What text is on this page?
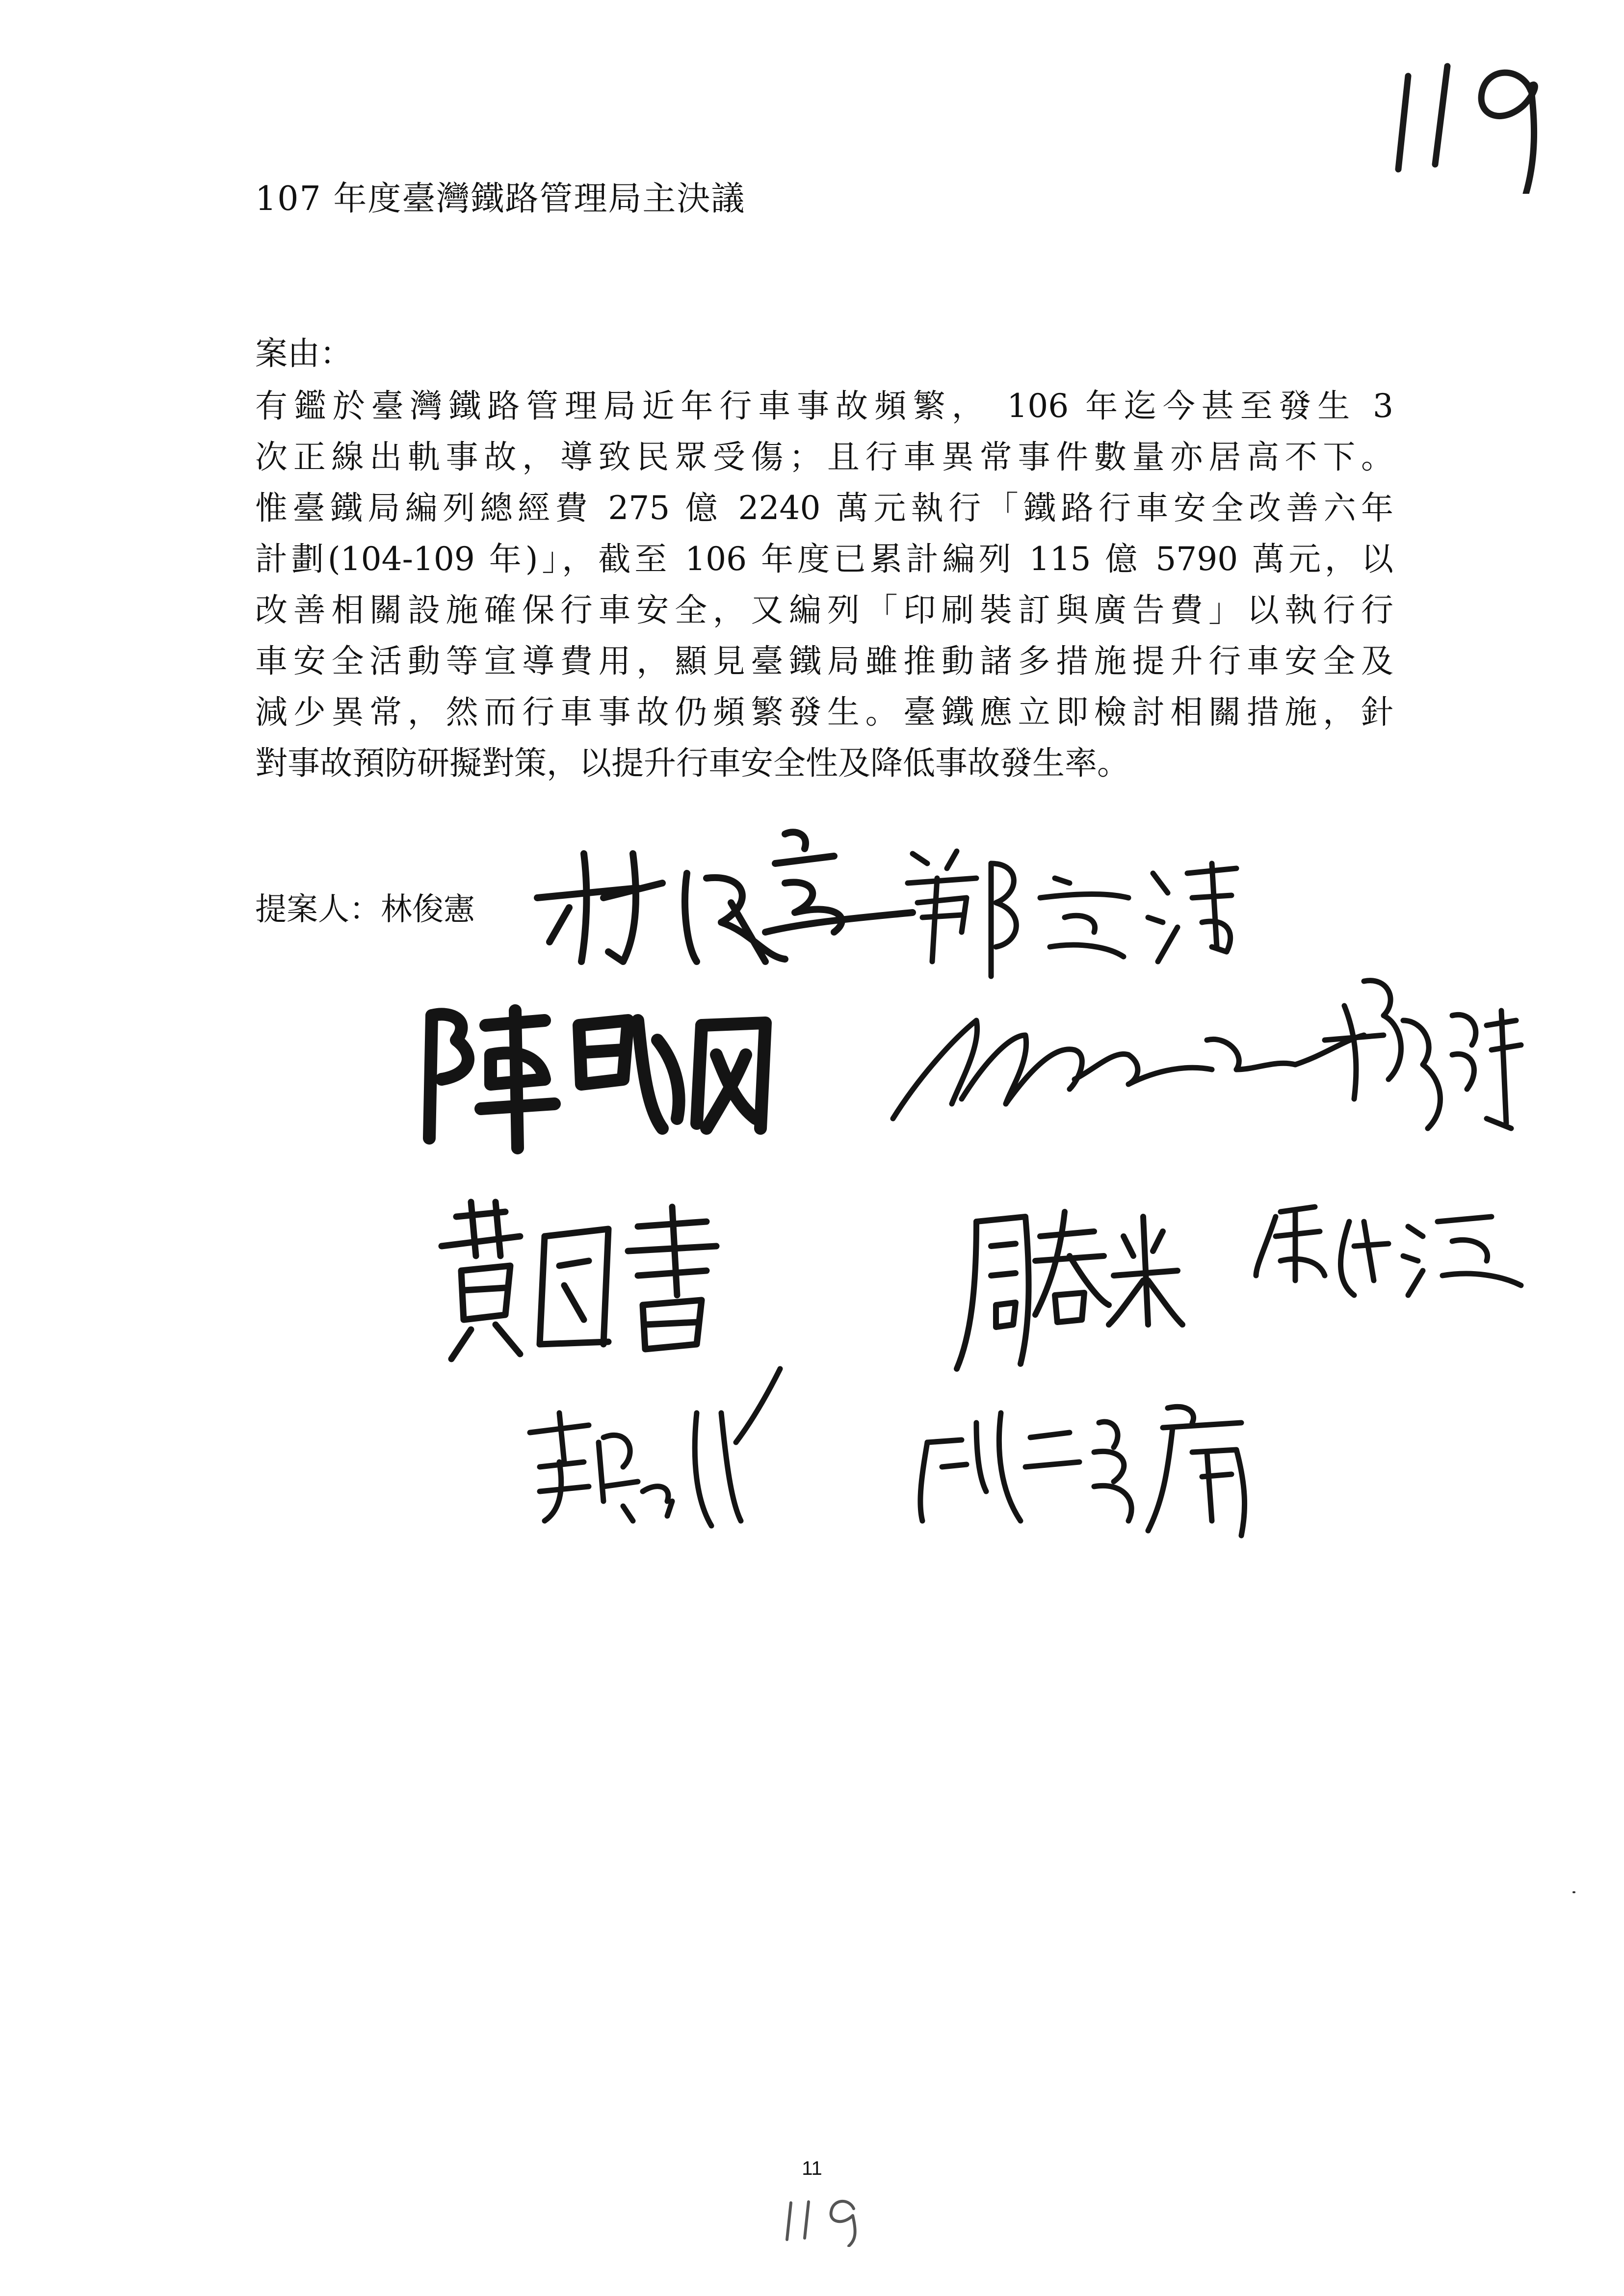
107 年度臺灣鐵路管理局主決議
案由：
有鑑於臺灣鐵路管理局近年行車事故頻繁， 106 年迄今甚至發生 3
次正線出軌事故，導致民眾受傷；且行車異常事件數量亦居高不下。
惟臺鐵局編列總經費 275 億 2240 萬元執行「鐵路行車安全改善六年
計劃(104-109 年)」，截至 106 年度已累計編列 115 億 5790 萬元，以
改善相關設施確保行車安全，又編列「印刷裝訂與廣告費」以執行行
車安全活動等宣導費用，顯見臺鐵局雖推動諸多措施提升行車安全及
減少異常，然而行車事故仍頻繁發生。臺鐵應立即檢討相關措施，針
對事故預防研擬對策，以提升行車安全性及降低事故發生率。
提案人：林俊憲
11
